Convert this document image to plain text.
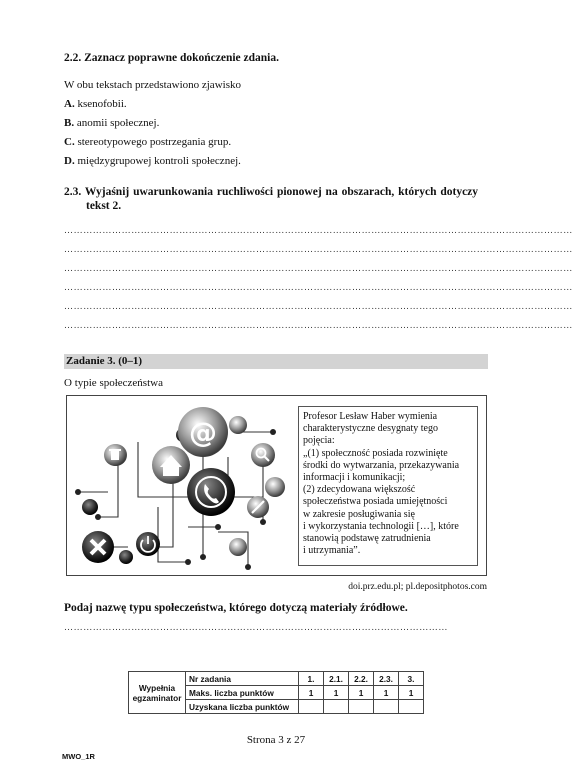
2.2. Zaznacz poprawne dokończenie zdania.
W obu tekstach przedstawiono zjawisko
A. ksenofobii.
B. anomii społecznej.
C. stereotypowego postrzegania grup.
D. międzygrupowej kontroli społecznej.
2.3. Wyjaśnij uwarunkowania ruchliwości pionowej na obszarach, których dotyczy
tekst 2.
……………………………………………………………………………………………………………………………………………
……………………………………………………………………………………………………………………………………………
……………………………………………………………………………………………………………………………………………
……………………………………………………………………………………………………………………………………………
……………………………………………………………………………………………………………………………………………
……………………………………………………………………………………………………………………………………………
Zadanie 3. (0–1)
O typie społeczeństwa
@	Profesor Lesław Haber wymienia
charakterystyczne desygnaty tego
pojęcia:
„(1) społeczność posiada rozwinięte
środki do wytwarzania, przekazywania
informacji i komunikacji;
(2) zdecydowana większość
społeczeństwa posiada umiejętności
w zakresie posługiwania się
i wykorzystania technologii […], które
stanowią podstawę zatrudnienia
i utrzymania”.
doi.prz.edu.pl; pl.depositphotos.com
Podaj nazwę typu społeczeństwa, którego dotyczą materiały źródłowe.
…………………………………………………………………………………………………………
Wypełnia egzaminator	Nr zadania	1.	2.1.	2.2.	2.3.	3.
	Maks. liczba punktów	1	1	1	1	1
	Uzyskana liczba punktów					
Strona 3 z 27
MWO_1R
